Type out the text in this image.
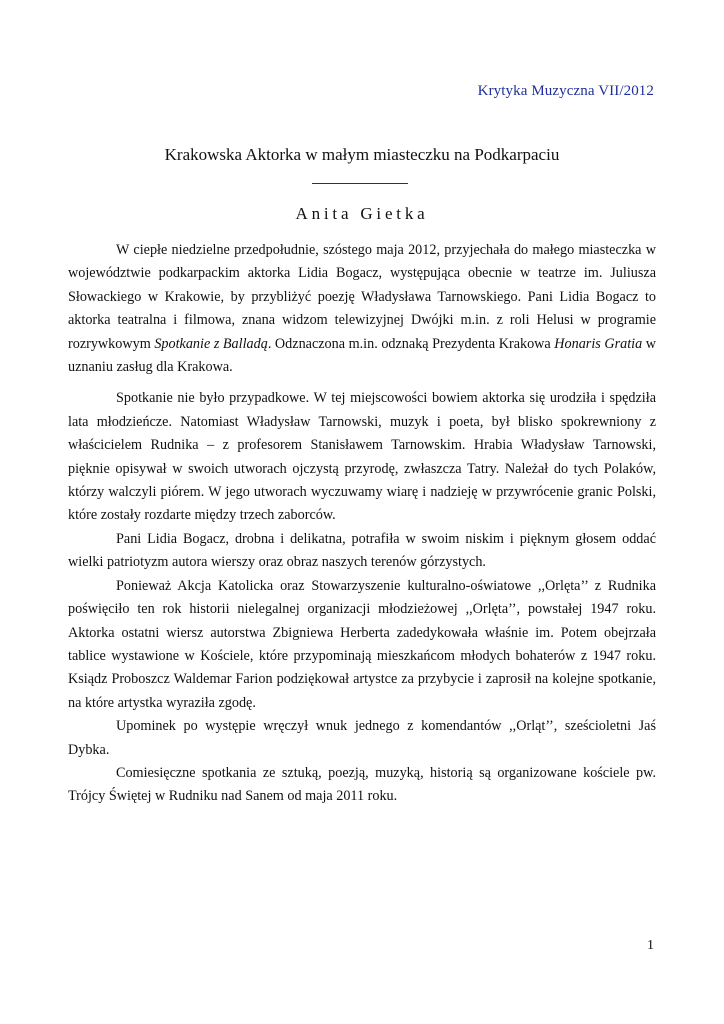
Krytyka Muzyczna VII/2012
Krakowska Aktorka w małym miasteczku na Podkarpaciu
Anita Gietka

W ciepłe niedzielne przedpołudnie, szóstego maja 2012, przyjechała do małego miasteczka w województwie podkarpackim aktorka Lidia Bogacz, występująca obecnie w teatrze im. Juliusza Słowackiego w Krakowie, by przybliżyć poezję Władysława Tarnowskiego. Pani Lidia Bogacz to aktorka teatralna i filmowa, znana widzom telewizyjnej Dwójki m.in. z roli Helusi w programie rozrywkowym Spotkanie z Balladą. Odznaczona m.in. odznaką Prezydenta Krakowa Honaris Gratia w uznaniu zasług dla Krakowa.

Spotkanie nie było przypadkowe. W tej miejscowości bowiem aktorka się urodziła i spędziła lata młodzieńcze. Natomiast Władysław Tarnowski, muzyk i poeta, był blisko spokrewniony z właścicielem Rudnika – z profesorem Stanisławem Tarnowskim. Hrabia Władysław Tarnowski, pięknie opisywał w swoich utworach ojczystą przyrodę, zwłaszcza Tatry. Należał do tych Polaków, którzy walczyli piórem. W jego utworach wyczuwamy wiarę i nadzieję w przywrócenie granic Polski, które zostały rozdarte między trzech zaborców.

Pani Lidia Bogacz, drobna i delikatna, potrafiła w swoim niskim i pięknym głosem oddać wielki patriotyzm autora wierszy oraz obraz naszych terenów górzystych.

Ponieważ Akcja Katolicka oraz Stowarzyszenie kulturalno-oświatowe ,,Orlęta’’ z Rudnika poświęciło ten rok historii nielegalnej organizacji młodzieżowej ,,Orlęta’’, powstałej 1947 roku. Aktorka ostatni wiersz autorstwa Zbigniewa Herberta zadedykowała właśnie im. Potem obejrzała tablice wystawione w Kościele, które przypominają mieszkańcom młodych bohaterów z 1947 roku. Ksiądz Proboszcz Waldemar Farion podziękował artystce za przybycie i zaprosił na kolejne spotkanie, na które artystka wyraziła zgodę.

Upominek po występie wręczył wnuk jednego z komendantów ,,Orląt’’, sześcioletni Jaś Dybka.

Comiesięczne spotkania ze sztuką, poezją, muzyką, historią są organizowane kościele pw. Trójcy Świętej w Rudniku nad Sanem od maja 2011 roku.

1
